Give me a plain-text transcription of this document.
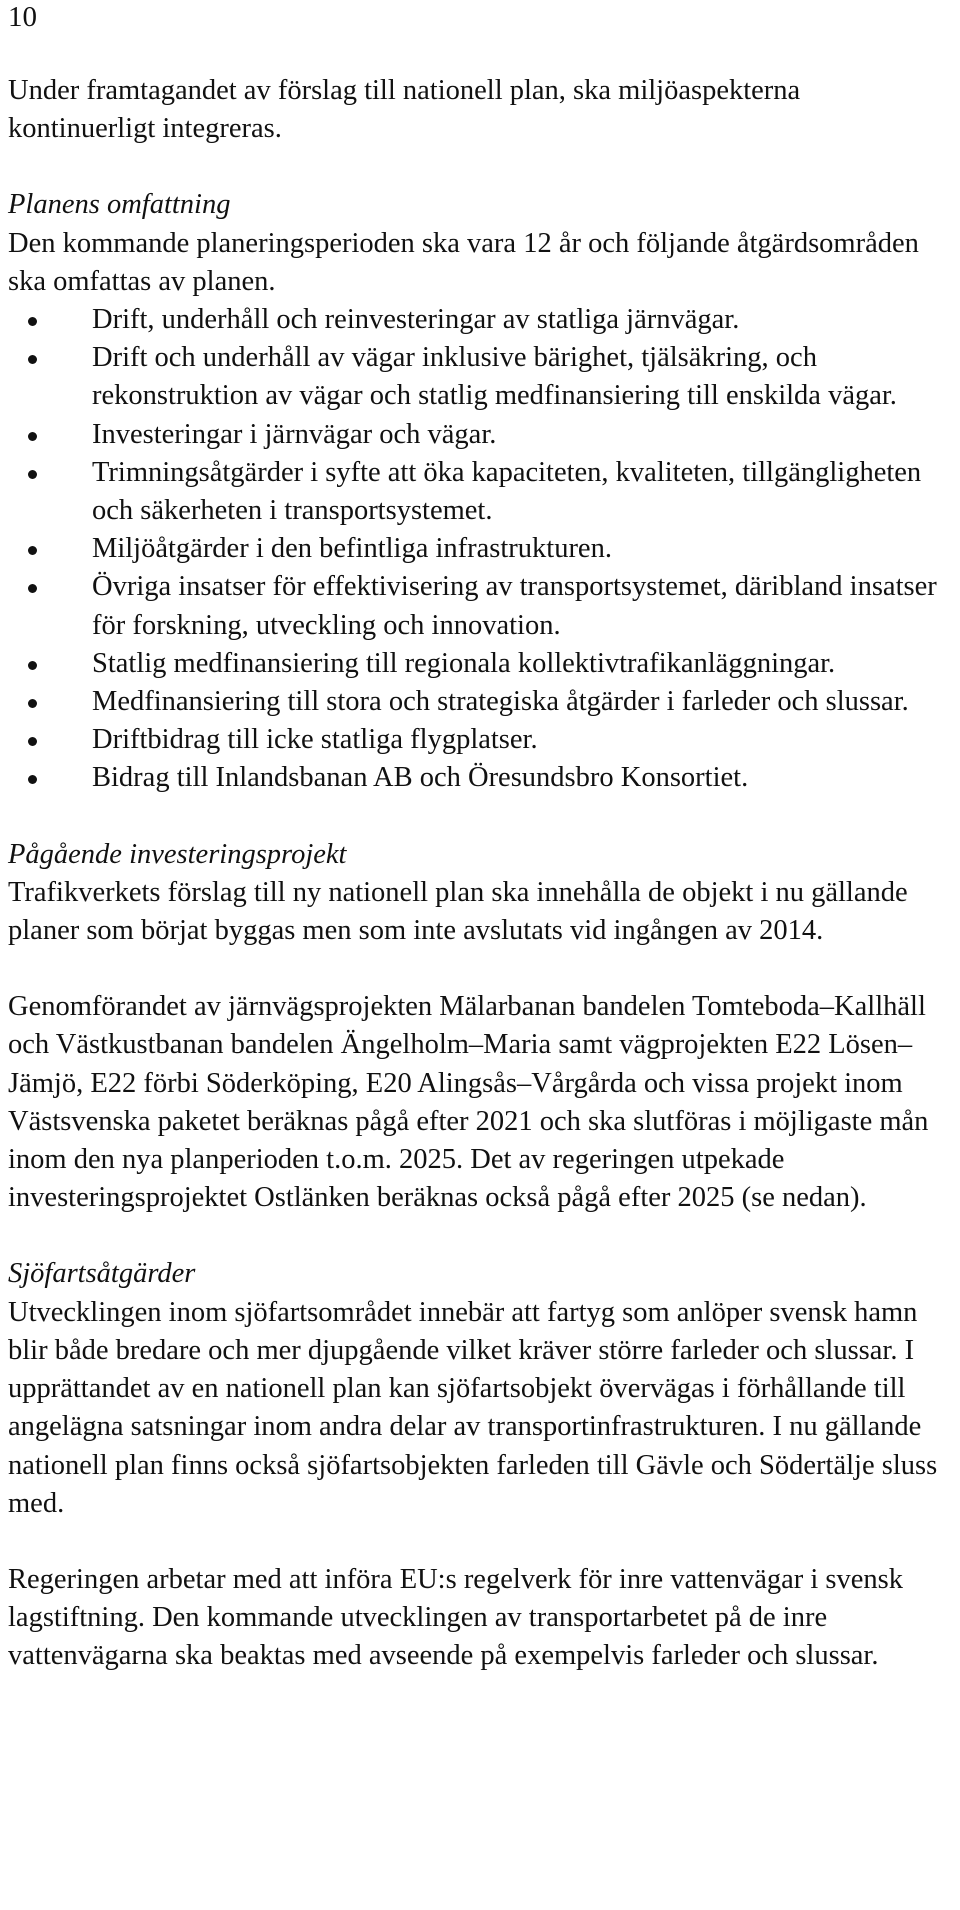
10

Under framtagandet av förslag till nationell plan, ska miljöaspekterna kontinuerligt integreras.

Planens omfattning

Den kommande planeringsperioden ska vara 12 år och följande åtgärdsområden ska omfattas av planen.

Drift, underhåll och reinvesteringar av statliga järnvägar.
Drift och underhåll av vägar inklusive bärighet, tjälsäkring, och rekonstruktion av vägar och statlig medfinansiering till enskilda vägar.
Investeringar i järnvägar och vägar.
Trimningsåtgärder i syfte att öka kapaciteten, kvaliteten, tillgängligheten och säkerheten i transportsystemet.
Miljöåtgärder i den befintliga infrastrukturen.
Övriga insatser för effektivisering av transportsystemet, däribland insatser för forskning, utveckling och innovation.
Statlig medfinansiering till regionala kollektivtrafikanläggningar.
Medfinansiering till stora och strategiska åtgärder i farleder och slussar.
Driftbidrag till icke statliga flygplatser.
Bidrag till Inlandsbanan AB och Öresundsbro Konsortiet.

Pågående investeringsprojekt

Trafikverkets förslag till ny nationell plan ska innehålla de objekt i nu gällande planer som börjat byggas men som inte avslutats vid ingången av 2014.

Genomförandet av järnvägsprojekten Mälarbanan bandelen Tomteboda–Kallhäll och Västkustbanan bandelen Ängelholm–Maria samt vägprojekten E22 Lösen–Jämjö, E22 förbi Söderköping, E20 Alingsås–Vårgårda och vissa projekt inom Västsvenska paketet beräknas pågå efter 2021 och ska slutföras i möjligaste mån inom den nya planperioden t.o.m. 2025. Det av regeringen utpekade investeringsprojektet Ostlänken beräknas också pågå efter 2025 (se nedan).

Sjöfartsåtgärder

Utvecklingen inom sjöfartsområdet innebär att fartyg som anlöper svensk hamn blir både bredare och mer djupgående vilket kräver större farleder och slussar. I upprättandet av en nationell plan kan sjöfartsobjekt övervägas i förhållande till angelägna satsningar inom andra delar av transportinfrastrukturen. I nu gällande nationell plan finns också sjöfartsobjekten farleden till Gävle och Södertälje sluss med.

Regeringen arbetar med att införa EU:s regelverk för inre vattenvägar i svensk lagstiftning. Den kommande utvecklingen av transportarbetet på de inre vattenvägarna ska beaktas med avseende på exempelvis farleder och slussar.
